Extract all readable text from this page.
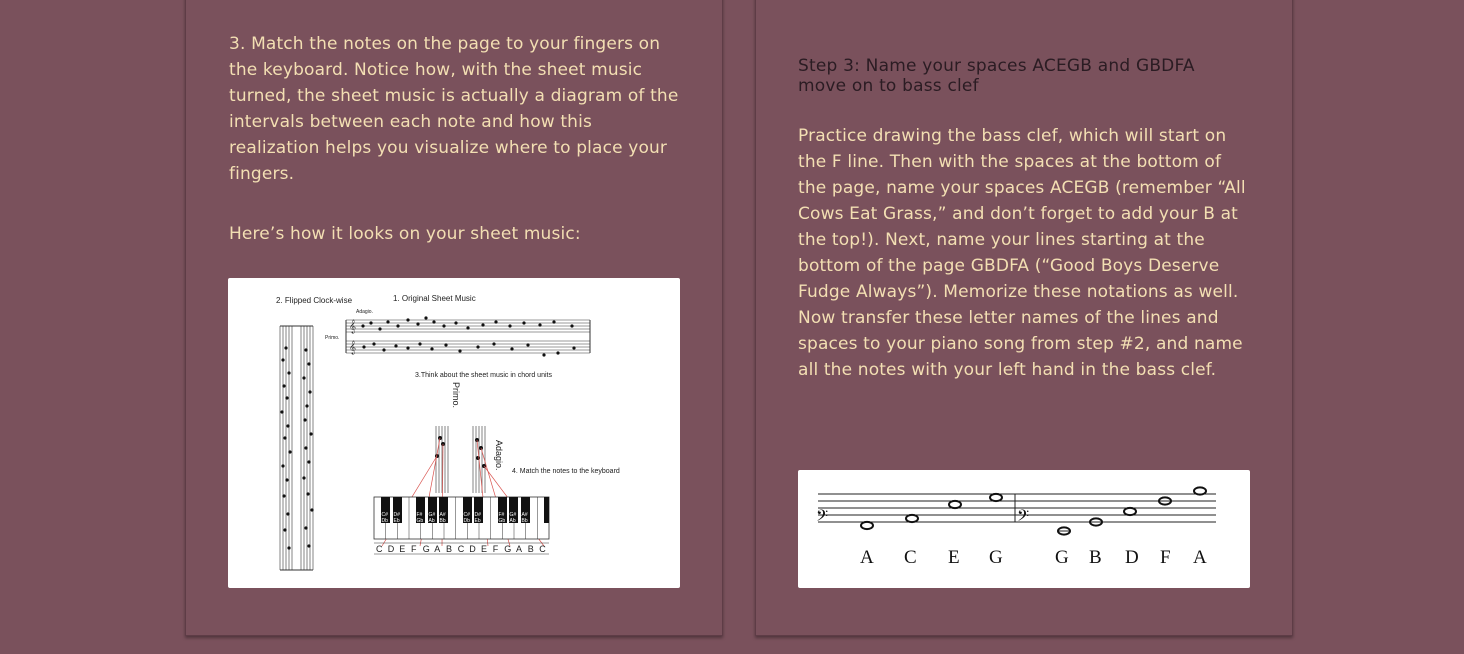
3. Match the notes on the page to your fingers on the keyboard. Notice how, with the sheet music turned, the sheet music is actually a diagram of the intervals between each note and how this realization helps you visualize where to place your fingers.

Here’s how it looks on your sheet music:

2. Flipped Clock-wise	1. Original Sheet Music
3.Think about the sheet music in chord units
4. Match the notes to the keyboard
𝄞
𝄞
Primo.
Adagio.
Primo.
Adagio.
C# D#	F# G# A#	C# D#	F# G# A#
Db Eb	Gb Ab Bb	Db Eb	Gb Ab Bb
C D E F G A B C D E F G A B C
Step 3: Name your spaces ACEGB and GBDFA move on to bass clef

Practice drawing the bass clef, which will start on the F line. Then with the spaces at the bottom of the page, name your spaces ACEGB (remember “All Cows Eat Grass,” and don’t forget to add your B at the top!). Next, name your lines starting at the bottom of the page GBDFA (“Good Boys Deserve Fudge Always”). Memorize these notations as well. Now transfer these letter names of the lines and spaces to your piano song from step #2, and name all the notes with your left hand in the bass clef.

𝄢	𝄢
A C E G	G B D F A
